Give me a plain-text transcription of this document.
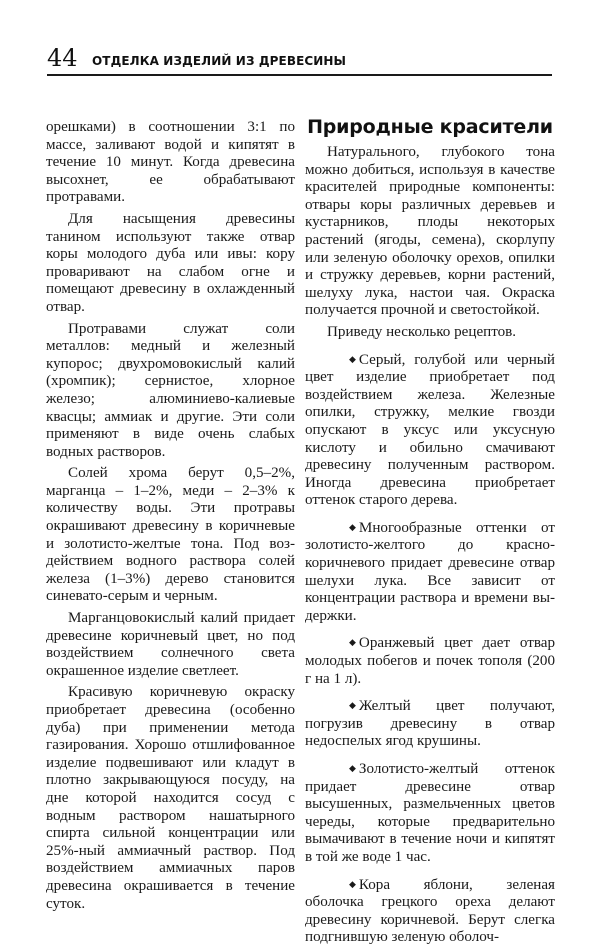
44 ОТДЕЛКА ИЗДЕЛИЙ ИЗ ДРЕВЕСИНЫ

орешками) в соотношении 3:1 по массе, заливают водой и кипятят в течение 10 минут. Когда древесина высохнет, ее обрабатывают протравами.

Для насыщения древесины танином используют также отвар коры молодого дуба или ивы: кору проваривают на слабом огне и помещают древесину в охлажденный отвар.

Протравами служат соли металлов: медный и железный купорос; двухромовокислый калий (хромпик); сернистое, хлорное железо; алюминиево-калиевые квасцы; аммиак и другие. Эти соли применяют в виде очень слабых водных растворов.

Солей хрома берут 0,5–2%, марганца – 1–2%, меди – 2–3% к количеству воды. Эти протравы окрашивают древесину в коричневые и золотисто-желтые тона. Под воздействием водного раствора солей железа (1–3%) дерево становится синевато-серым и черным.

Марганцовокислый калий придает древесине коричневый цвет, но под воздействием солнечного света окрашенное изделие светлеет.

Красивую коричневую окраску приобретает древесина (особенно дуба) при применении метода газирования. Хорошо отшлифованное изделие подвешивают или кладут в плотно закрывающуюся посуду, на дне которой находится сосуд с водным раствором нашатырного спирта сильной концентрации или 25%-ный аммиачный раствор. Под воздействием аммиачных паров древесина окрашивается в течение суток.

Природные красители

Натурального, глубокого тона можно добиться, используя в качестве красителей природные компоненты: отвары коры различных деревьев и кустарников, плоды некоторых растений (ягоды, семена), скорлупу или зеленую оболочку орехов, опилки и стружку деревьев, корни растений, шелуху лука, настои чая. Окраска получается прочной и светостойкой.

Приведу несколько рецептов.

◆ Серый, голубой или черный цвет изделие приобретает под воздействием железа. Железные опилки, стружку, мелкие гвозди опускают в уксус или уксусную кислоту и обильно смачивают древесину полученным раствором. Иногда древесина приобретает оттенок старого дерева.

◆ Многообразные оттенки от золотисто-желтого до красно-коричневого придает древесине отвар шелухи лука. Все зависит от концентрации раствора и времени выдержки.

◆ Оранжевый цвет дает отвар молодых побегов и почек тополя (200 г на 1 л).

◆ Желтый цвет получают, погрузив древесину в отвар недоспелых ягод крушины.

◆ Золотисто-желтый оттенок придает древесине отвар высушенных, размельченных цветов череды, которые предварительно вымачивают в течение ночи и кипятят в той же воде 1 час.

◆ Кора яблони, зеленая оболочка грецкого ореха делают древесину коричневой. Берут слегка подгнившую зеленую оболоч-
